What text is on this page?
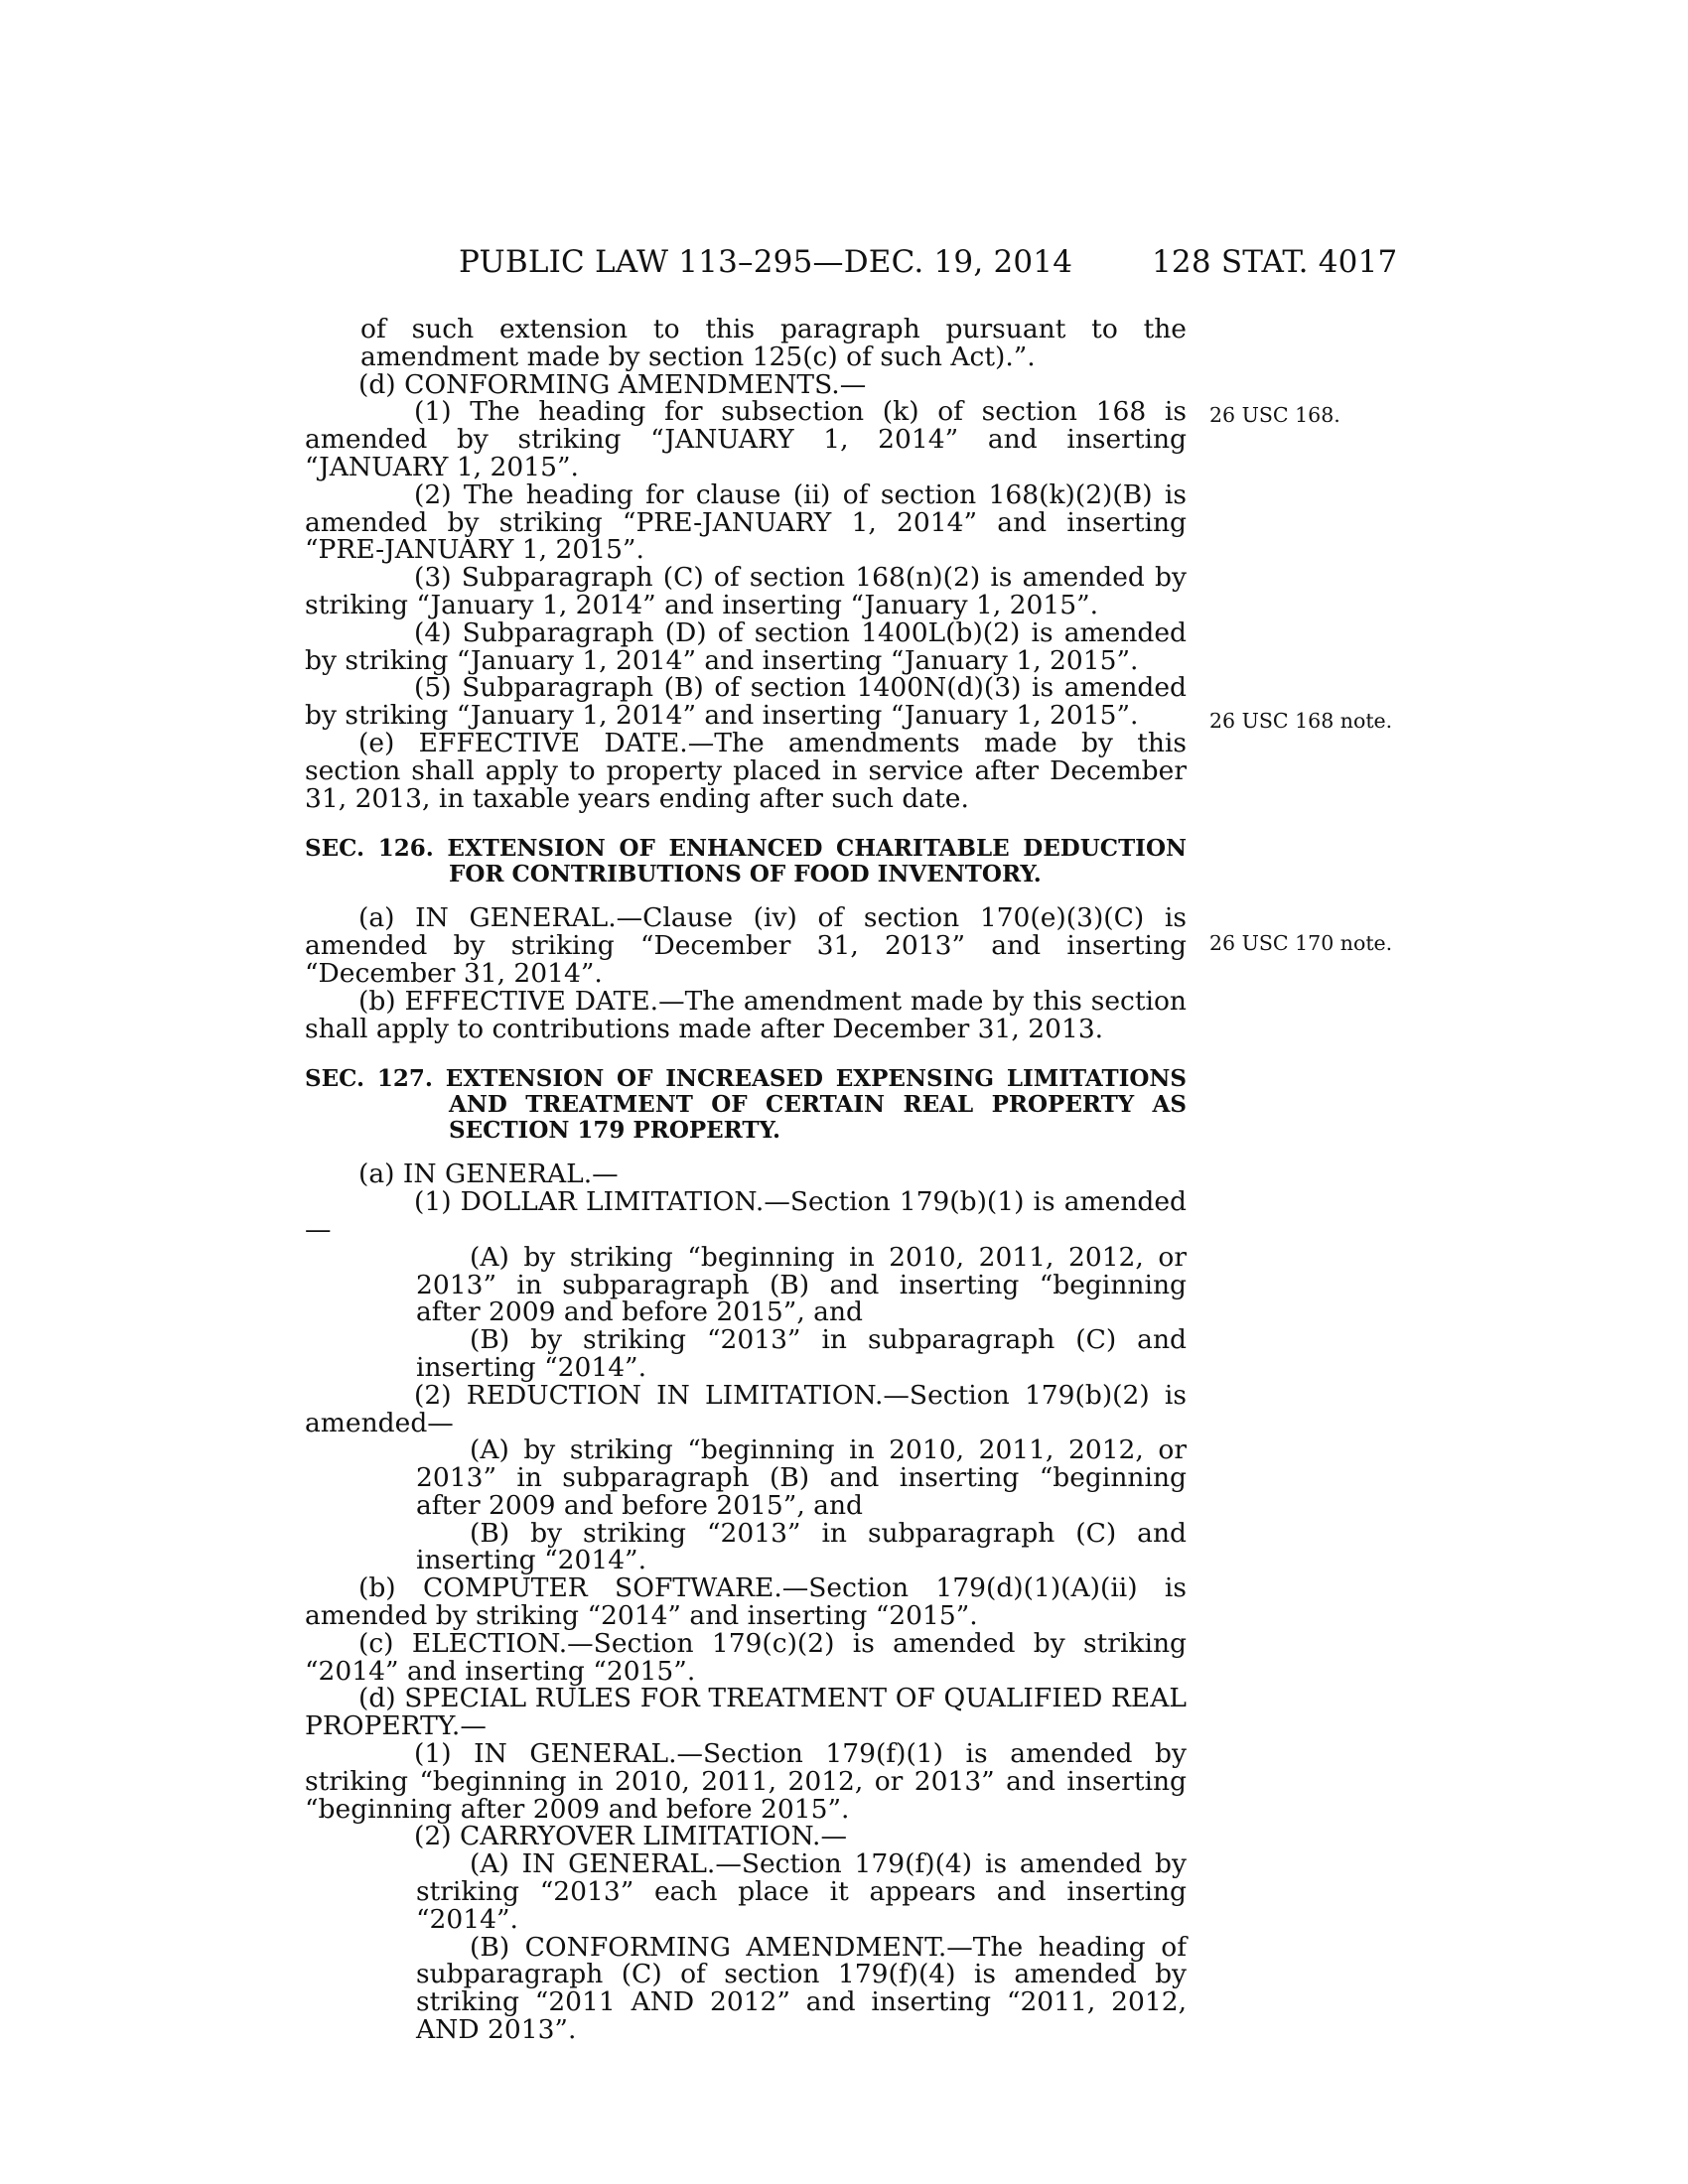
PUBLIC LAW 113–295—DEC. 19, 2014	128 STAT. 4017
26 USC 168.
26 USC 168 note.
26 USC 170 note.

of such extension to this paragraph pursuant to the amendment made by section 125(c) of such Act).”.

(d) CONFORMING AMENDMENTS.—

(1) The heading for subsection (k) of section 168 is amended by striking “JANUARY 1, 2014” and inserting “JANUARY 1, 2015”.

(2) The heading for clause (ii) of section 168(k)(2)(B) is amended by striking “PRE-JANUARY 1, 2014” and inserting “PRE-JANUARY 1, 2015”.

(3) Subparagraph (C) of section 168(n)(2) is amended by striking “January 1, 2014” and inserting “January 1, 2015”.

(4) Subparagraph (D) of section 1400L(b)(2) is amended by striking “January 1, 2014” and inserting “January 1, 2015”.

(5) Subparagraph (B) of section 1400N(d)(3) is amended by striking “January 1, 2014” and inserting “January 1, 2015”.

(e) EFFECTIVE DATE.—The amendments made by this section shall apply to property placed in service after December 31, 2013, in taxable years ending after such date.

SEC. 126. EXTENSION OF ENHANCED CHARITABLE DEDUCTION FOR CONTRIBUTIONS OF FOOD INVENTORY.

(a) IN GENERAL.—Clause (iv) of section 170(e)(3)(C) is amended by striking “December 31, 2013” and inserting “December 31, 2014”.

(b) EFFECTIVE DATE.—The amendment made by this section shall apply to contributions made after December 31, 2013.

SEC. 127. EXTENSION OF INCREASED EXPENSING LIMITATIONS AND TREATMENT OF CERTAIN REAL PROPERTY AS SECTION 179 PROPERTY.

(a) IN GENERAL.—

(1) DOLLAR LIMITATION.—Section 179(b)(1) is amended—

(A) by striking “beginning in 2010, 2011, 2012, or 2013” in subparagraph (B) and inserting “beginning after 2009 and before 2015”, and

(B) by striking “2013” in subparagraph (C) and inserting “2014”.

(2) REDUCTION IN LIMITATION.—Section 179(b)(2) is amended—

(A) by striking “beginning in 2010, 2011, 2012, or 2013” in subparagraph (B) and inserting “beginning after 2009 and before 2015”, and

(B) by striking “2013” in subparagraph (C) and inserting “2014”.

(b) COMPUTER SOFTWARE.—Section 179(d)(1)(A)(ii) is amended by striking “2014” and inserting “2015”.

(c) ELECTION.—Section 179(c)(2) is amended by striking “2014” and inserting “2015”.

(d) SPECIAL RULES FOR TREATMENT OF QUALIFIED REAL PROPERTY.—

(1) IN GENERAL.—Section 179(f)(1) is amended by striking “beginning in 2010, 2011, 2012, or 2013” and inserting “beginning after 2009 and before 2015”.

(2) CARRYOVER LIMITATION.—

(A) IN GENERAL.—Section 179(f)(4) is amended by striking “2013” each place it appears and inserting “2014”.

(B) CONFORMING AMENDMENT.—The heading of subparagraph (C) of section 179(f)(4) is amended by striking “2011 AND 2012” and inserting “2011, 2012, AND 2013”.
